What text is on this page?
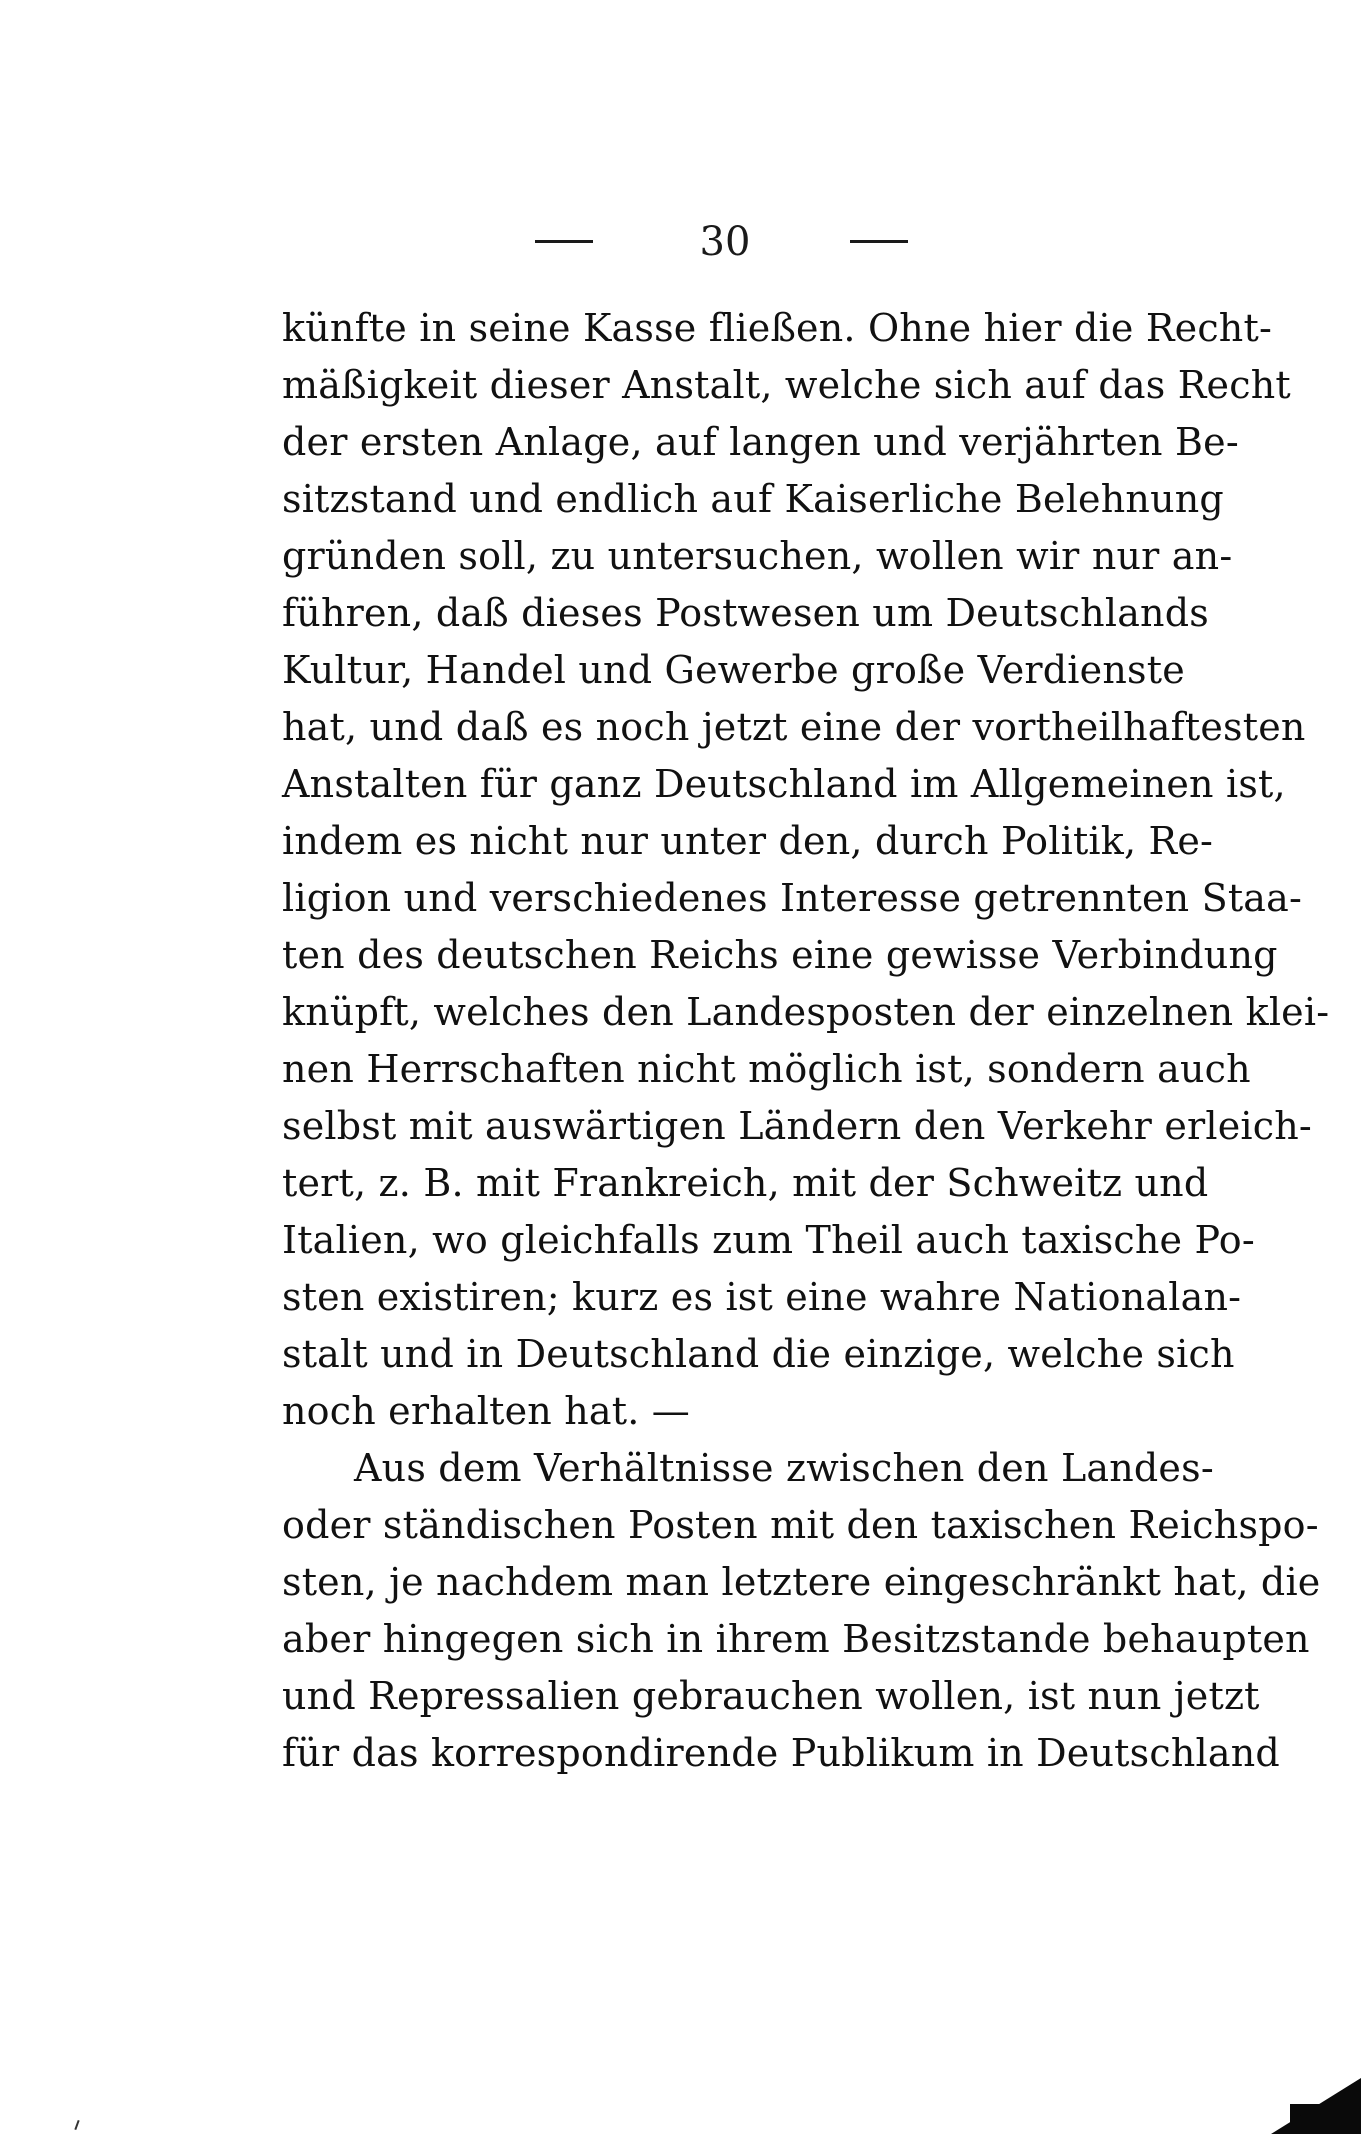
30
künfte in seine Kasse fließen. Ohne hier die Recht-
mäßigkeit dieser Anstalt, welche sich auf das Recht
der ersten Anlage, auf langen und verjährten Be-
sitzstand und endlich auf Kaiserliche Belehnung
gründen soll, zu untersuchen, wollen wir nur an-
führen, daß dieses Postwesen um Deutschlands
Kultur, Handel und Gewerbe große Verdienste
hat, und daß es noch jetzt eine der vortheilhaftesten
Anstalten für ganz Deutschland im Allgemeinen ist,
indem es nicht nur unter den, durch Politik, Re-
ligion und verschiedenes Interesse getrennten Staa-
ten des deutschen Reichs eine gewisse Verbindung
knüpft, welches den Landesposten der einzelnen klei-
nen Herrschaften nicht möglich ist, sondern auch
selbst mit auswärtigen Ländern den Verkehr erleich-
tert, z. B. mit Frankreich, mit der Schweitz und
Italien, wo gleichfalls zum Theil auch taxische Po-
sten existiren; kurz es ist eine wahre Nationalan-
stalt und in Deutschland die einzige, welche sich
noch erhalten hat. —
Aus dem Verhältnisse zwischen den Landes-
oder ständischen Posten mit den taxischen Reichspo-
sten, je nachdem man letztere eingeschränkt hat, die
aber hingegen sich in ihrem Besitzstande behaupten
und Repressalien gebrauchen wollen, ist nun jetzt
für das korrespondirende Publikum in Deutschland
